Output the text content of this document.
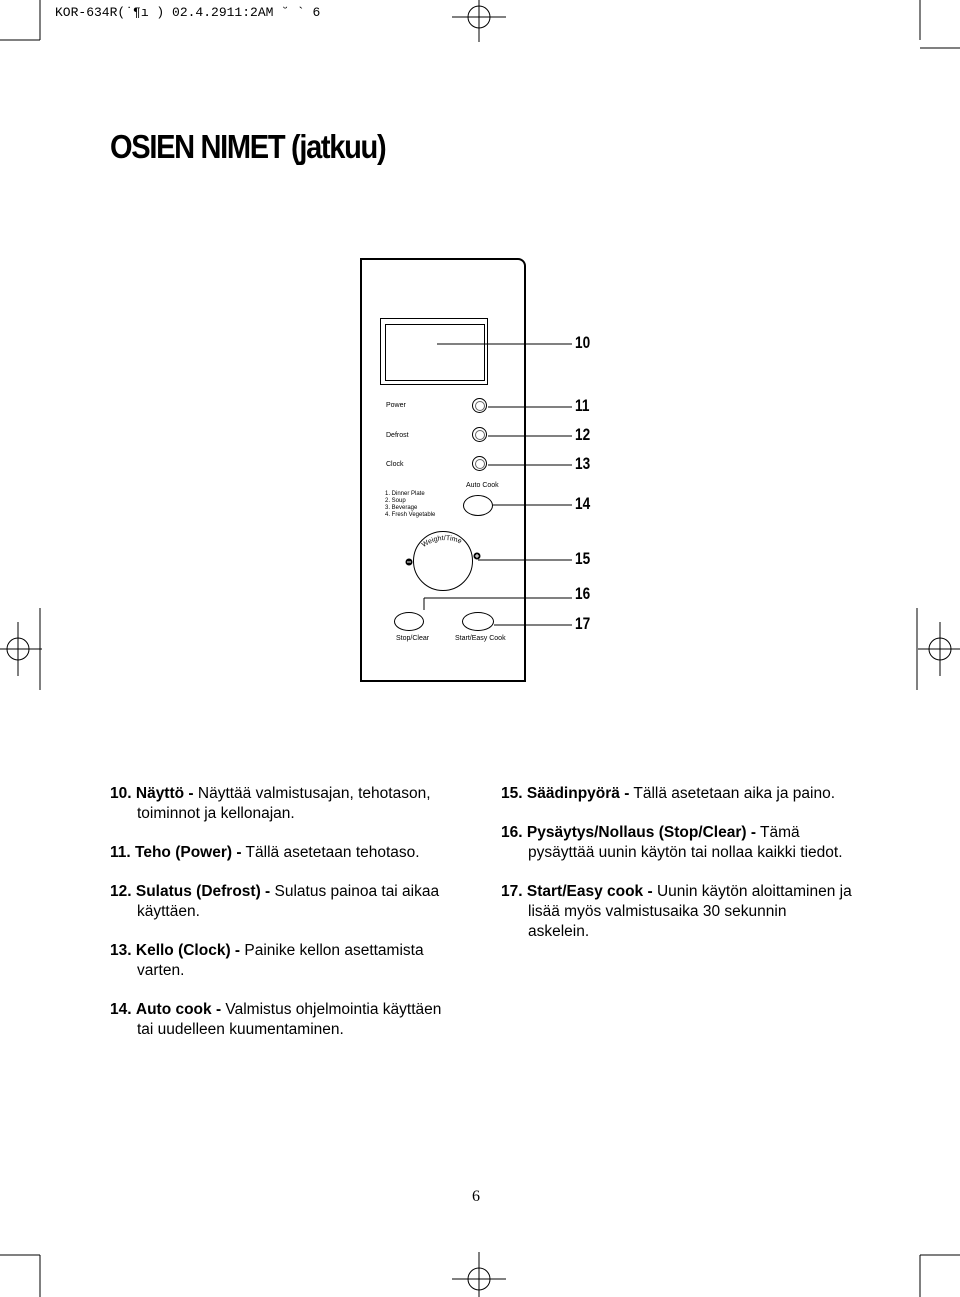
KOR-634R(˙¶ı ) 02.4.2911:2AM ˘ ` 6
OSIEN NIMET (jatkuu)
Power
Defrost
Clock
Auto Cook
1. Dinner Plate
2. Soup
3. Beverage
4. Fresh Vegetable
Weight/Time
Stop/Clear	Start/Easy Cook
10
11
12
13
14
15
16
17
10. Näyttö - Näyttää valmistusajan, tehotason,
toiminnot ja kellonajan.
11. Teho (Power) - Tällä asetetaan tehotaso.
12. Sulatus (Defrost) - Sulatus painoa tai aikaa
käyttäen.
13. Kello (Clock) - Painike kellon asettamista
varten.
14. Auto cook - Valmistus ohjelmointia käyttäen
tai uudelleen kuumentaminen.
15. Säädinpyörä - Tällä asetetaan aika ja paino.
16. Pysäytys/Nollaus (Stop/Clear) - Tämä
pysäyttää uunin käytön tai nollaa kaikki tiedot.
17. Start/Easy cook - Uunin käytön aloittaminen ja
lisää myös valmistusaika 30 sekunnin
askelein.
6
